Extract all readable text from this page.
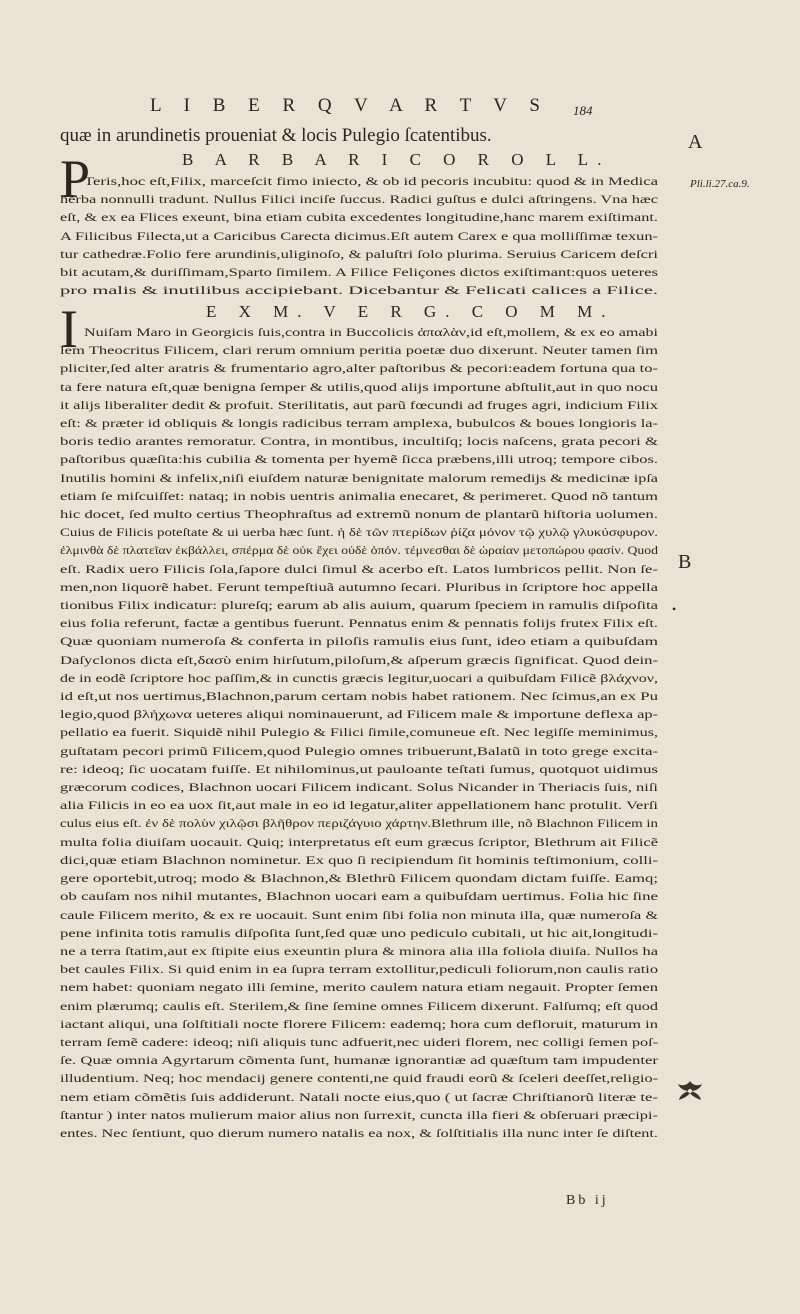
L I B E R Q V A R T V S	184
quæ in arundinetis proueniat & locis Pulegio ſcatentibus.	A
Pli.li.27.ca.9.
P	B A R B A R I C O R O L L.
Teris,hoc eſt,Filix, marceſcit fimo iniecto, & ob id pecoris incubitu: quod & in Medica
herba nonnulli tradunt. Nullus Filici inciſe ſuccus. Radici guſtus e dulci aſtringens. Vna hæc
eſt, & ex ea Flices exeunt, bina etiam cubita excedentes longitudine,hanc marem exiſtimant.
A Filicibus Fileсta,ut a Caricibus Careсta dicimus.Eſt autem Carex e qua molliſſimæ texun-
tur cathedræ.Folio fere arundinis,uliginoſo, & paluſtri ſolo plurima. Seruius Caricem deſcri
bit acutam,& duriſſimam,Sparto ſimilem. A Filice Feliçones dictos exiſtimant:quos ueteres
pro malis & inutilibus accipiebant. Dicebantur & Felicati calices a Filice.
I	E X M. V E R G. C O M M.
Nuiſam Maro in Georgicis ſuis,contra in Buccolicis ἁπαλὰν,id eſt,mollem, & ex eo amabi
lem Theocritus Filicem, clari rerum omnium peritia poetæ duo dixerunt. Neuter tamen ſim
pliciter,ſed alter aratris & frumentario agro,alter paſtoribus & pecori:eadem fortuna qua to-
ta fere natura eſt,quæ benigna ſemper & utilis,quod alijs importune abſtulit,aut in quo nocu
it alijs liberaliter dedit & profuit. Sterilitatis, aut parũ fœcundi ad fruges agri, indicium Filix
eſt: & præter id obliquis & longis radicibus terram amplexa, bubulcos & boues longioris la-
boris tedio arantes remoratur. Contra, in montibus, incultiſq; locis naſcens, grata pecori &
paſtoribus quæſita:his cubilia & tomenta per hyemẽ ſicca præbens,illi utroq; tempore cibos.
Inutilis homini & infelix,niſi eiuſdem naturæ benignitate malorum remedijs & medicinæ ipſa
etiam ſe miſcuiſſet: nataq; in nobis uentris animalia enecaret, & perimeret. Quod nõ tantum
hic docet, ſed multo certius Theophraſtus ad extremũ nonum de plantarũ hiſtoria uolumen.
Cuius de Filicis poteſtate & ui uerba hæc ſunt. ἡ δὲ τῶν πτερίδων ῥίζα μόνον τῷ χυλῷ γλυκύσφυρον.
ἐλμινθὰ δὲ πλατεῖαν ἐκβάλλει, σπέρμα δὲ οὐκ ἔχει οὐδὲ ὀπόν. τέμνεσθαι δὲ ὡραίαν μετοπώρου φασίν. Quod
eſt. Radix uero Filicis ſola,ſapore dulci ſimul & acerbo eſt. Latos lumbricos pellit. Non ſe-
men,non liquorẽ habet. Ferunt tempeſtiuã autumno ſecari. Pluribus in ſcriptore hoc appella
tionibus Filix indicatur: plureſq; earum ab alis auium, quarum ſpeciem in ramulis diſpoſita
eius folia referunt, factæ a gentibus fuerunt. Pennatus enim & pennatis folijs frutex Filix eſt.
Quæ quoniam numeroſa & conferta in piloſis ramulis eius ſunt, ideo etiam a quibuſdam
Daſyclonos dicta eſt,δασὺ enim hirſutum,piloſum,& aſperum græcis ſignificat. Quod dein-
de in eodẽ ſcriptore hoc paſſim,& in cunctis græcis legitur,uocari a quibuſdam Filicẽ βλάχνον,
id eſt,ut nos uertimus,Blachnon,parum certam nobis habet rationem. Nec ſcimus,an ex Pu
legio,quod βλήχωνα ueteres aliqui nominauerunt, ad Filicem male & importune deflexa ap-
pellatio ea fuerit. Siquidẽ nihil Pulegio & Filici ſimile,comuneue eſt. Nec legiſſe meminimus,
guſtatam pecori primũ Filicem,quod Pulegio omnes tribuerunt,Balatũ in toto grege excita-
re: ideoq; ſic uocatam fuiſſe. Et nihilominus,ut pauloante teſtati ſumus, quotquot uidimus
græcorum codices, Blachnon uocari Filicem indicant. Solus Nicander in Theriacis ſuis, niſi
alia Filicis in eo ea uox ſit,aut male in eo id legatur,aliter appellationem hanc protulit. Verſi
culus eius eſt. ἐν δὲ πολὺν χιλῷσι βλῆθρον περιζάγυιο χάρτην.Blethrum ille, nõ Blachnon Filicem in
multa folia diuiſam uocauit. Quiq; interpretatus eſt eum græcus ſcriptor, Blethrum ait Filicẽ
dici,quæ etiam Blachnon nominetur. Ex quo ſi recipiendum ſit hominis teſtimonium, colli-
gere oportebit,utroq; modo & Blachnon,& Blethrũ Filicem quondam dictam fuiſſe. Eamq;
ob cauſam nos nihil mutantes, Blachnon uocari eam a quibuſdam uertimus. Folia hic ſine
caule Filicem merito, & ex re uocauit. Sunt enim ſibi folia non minuta illa, quæ numeroſa &
pene infinita totis ramulis diſpoſita ſunt,ſed quæ uno pediculo cubitali, ut hic ait,longitudi-
ne a terra ſtatim,aut ex ſtipite eius exeuntin plura & minora alia illa foliola diuiſa. Nullos ha
bet caules Filix. Si quid enim in ea ſupra terram extollitur,pediculi foliorum,non caulis ratio
nem habet: quoniam negato illi ſemine, merito caulem natura etiam negauit. Propter ſemen
enim plærumq; caulis eſt. Sterilem,& ſine ſemine omnes Filicem dixerunt. Falſumq; eſt quod
iactant aliqui, una ſolſtitiali noсte florere Filicem: eademq; hora cum defloruit, maturum in
terram ſemẽ cadere: ideoq; niſi aliquis tunc adfuerit,nec uideri florem, nec colligi ſemen poſ-
ſe. Quæ omnia Agyrtarum cõmenta ſunt, humanæ ignorantiæ ad quæſtum tam impudenter
illudentium. Neq; hoc mendacij genere contenti,ne quid fraudi eorũ & ſceleri deeſſet,religio-
nem etiam cõmẽtis ſuis addiderunt. Natali noсte eius,quo ( ut ſacræ Chriſtianorũ literæ te-
ſtantur ) inter natos mulierum maior alius non ſurrexit, cuncta illa fieri & obſeruari præcipi-
entes. Nec ſentiunt, quo dierum numero natalis ea nox, & ſolſtitialis illa nunc inter ſe diſtent.
B
•
Bb ij
